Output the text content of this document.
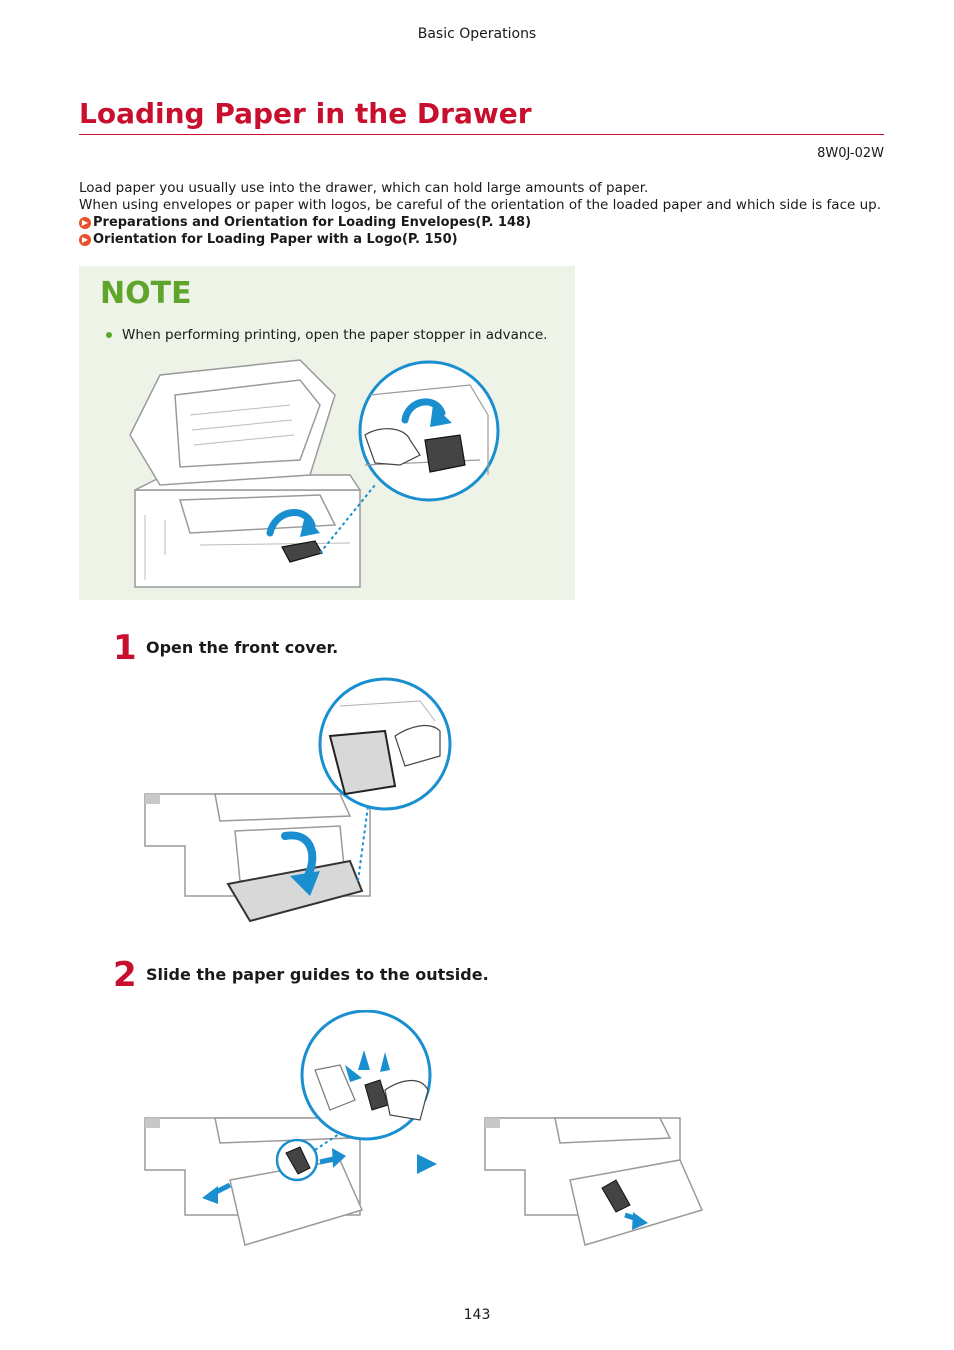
Basic Operations
Loading Paper in the Drawer
8W0J-02W
Load paper you usually use into the drawer, which can hold large amounts of paper.
When using envelopes or paper with logos, be careful of the orientation of the loaded paper and which side is face up.
▶ Preparations and Orientation for Loading Envelopes(P. 148)
▶ Orientation for Loading Paper with a Logo(P. 150)
NOTE
When performing printing, open the paper stopper in advance.
1 Open the front cover.
2 Slide the paper guides to the outside.
143
